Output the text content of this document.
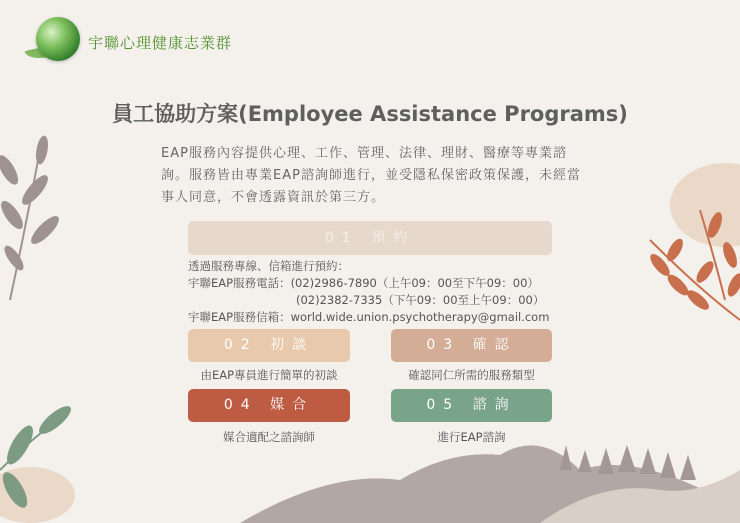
宇聯心理健康志業群
員工協助方案(Employee Assistance Programs)
EAP服務內容提供心理、工作、管理、法律、理財、醫療等專業諮詢。服務皆由專業EAP諮詢師進行，並受隱私保密政策保護，未經當事人同意，不會透露資訊於第三方。
01 預約
透過服務專線、信箱進行預約：
宇聯EAP服務電話：(02)2986-7890（上午09：00至下午09：00）
(02)2382-7335（下午09：00至上午09：00）
宇聯EAP服務信箱：world.wide.union.psychotherapy@gmail.com
02 初談	03 確認
由EAP專員進行簡單的初談	確認同仁所需的服務類型
04 媒合	05 諮詢
媒合適配之諮詢師	進行EAP諮詢
